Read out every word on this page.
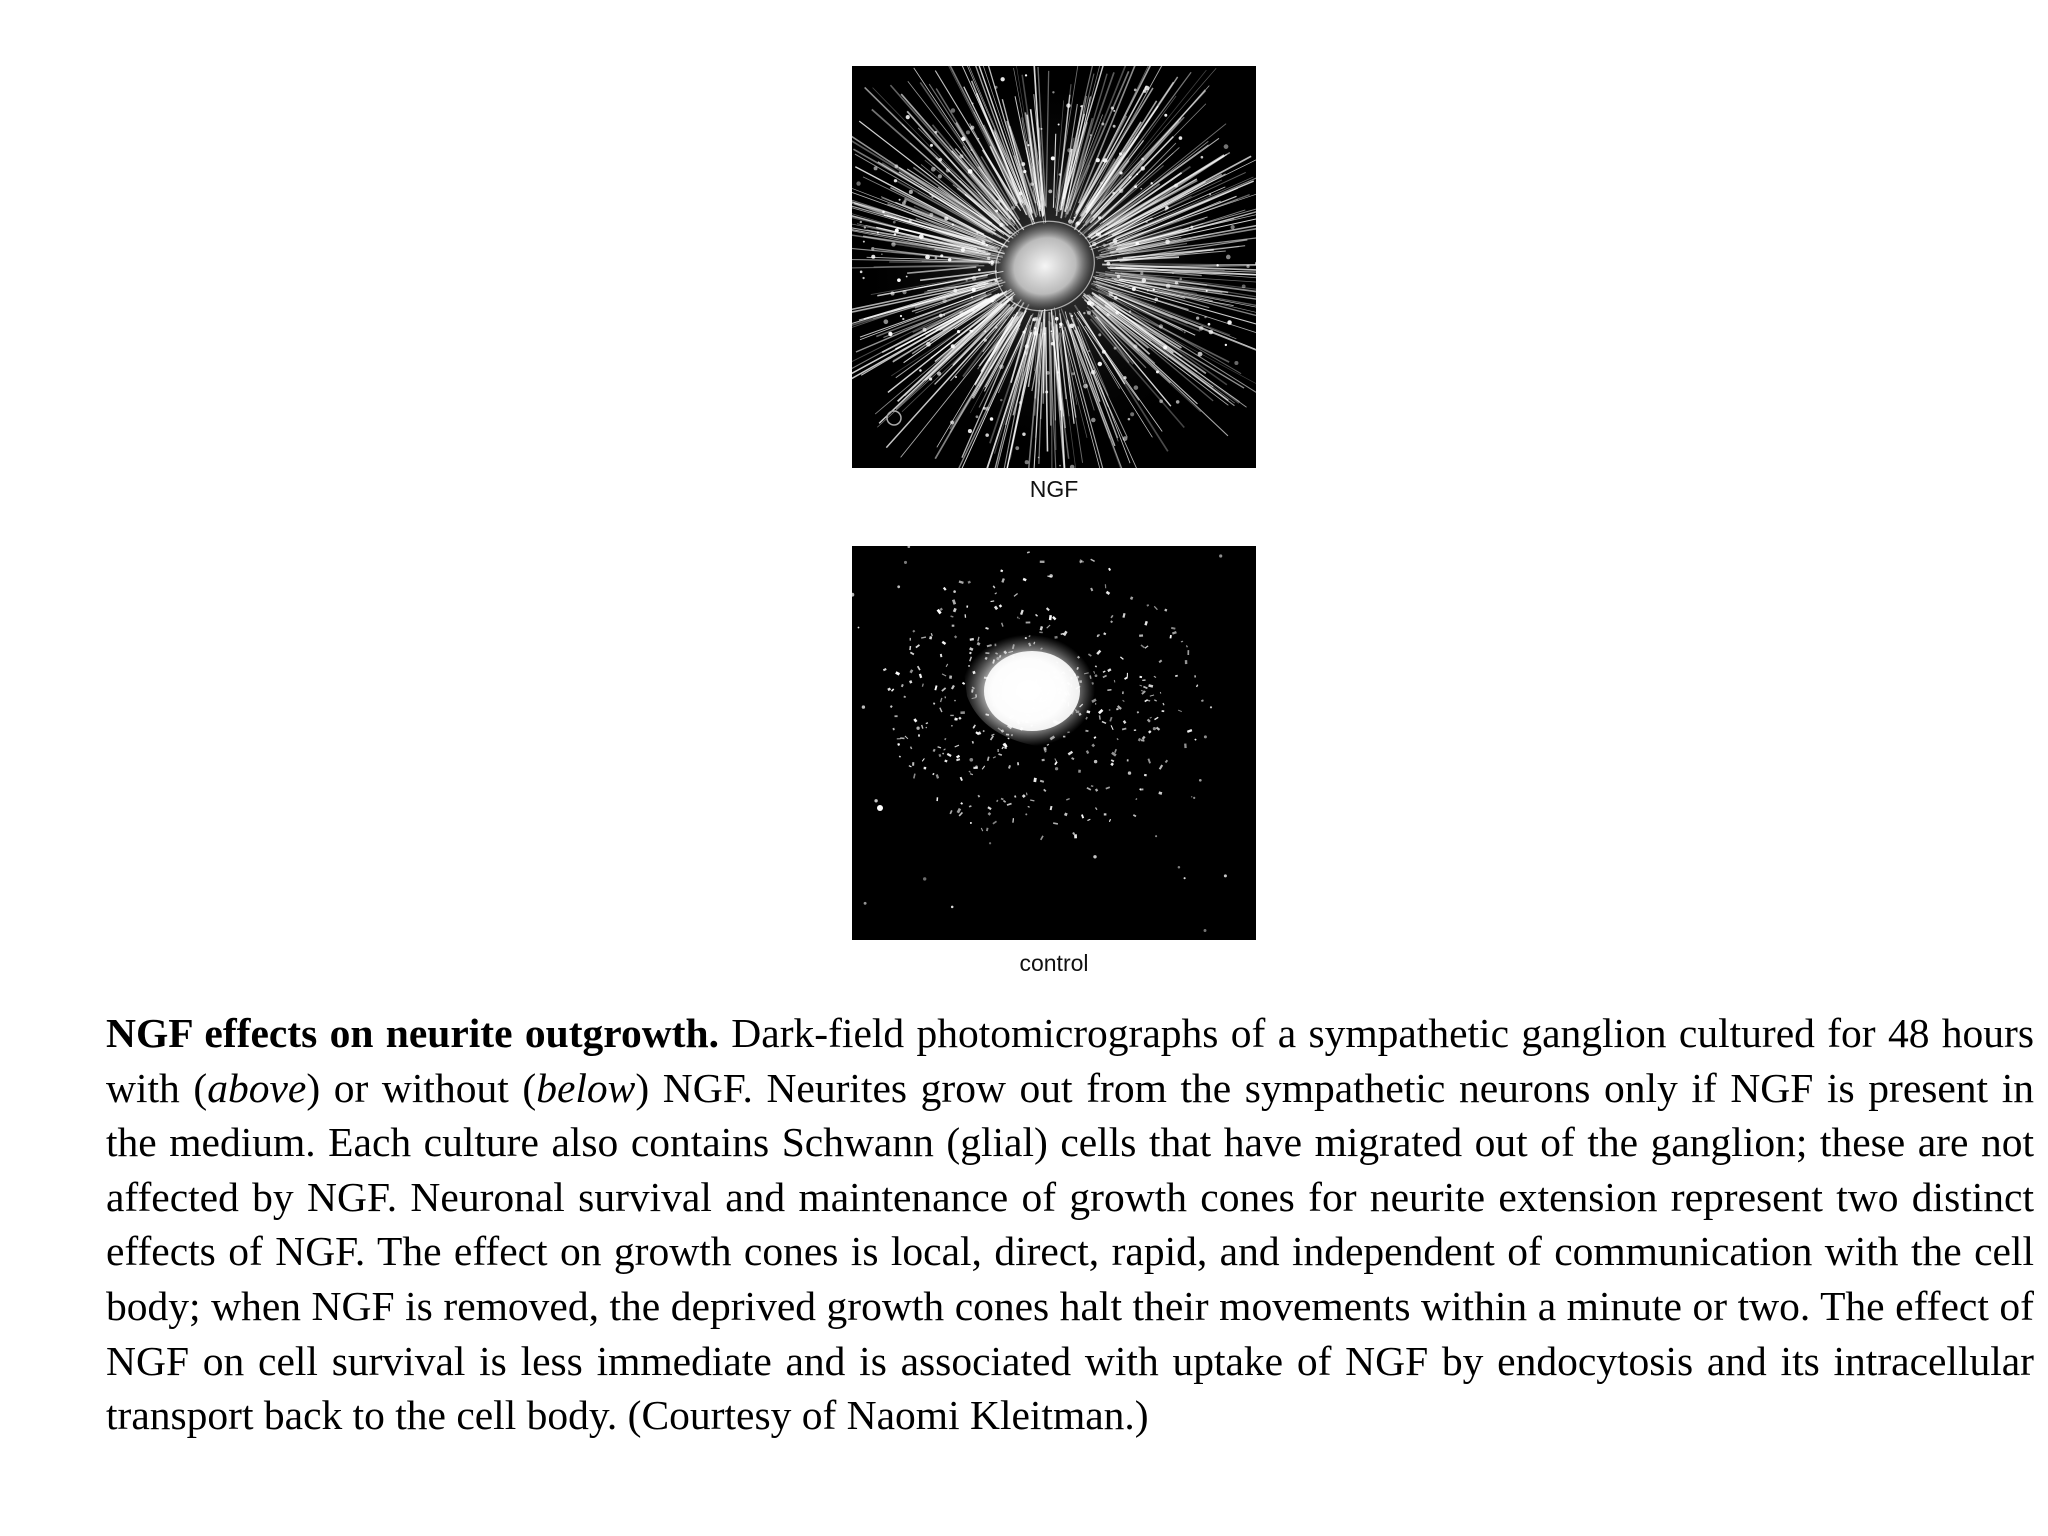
NGF
control

NGF effects on neurite outgrowth. Dark-field photomicrographs of a sympathetic ganglion cultured for 48 hours with (above) or without (below) NGF. Neurites grow out from the sympathetic neurons only if NGF is present in the medium. Each culture also contains Schwann (glial) cells that have migrated out of the ganglion; these are not affected by NGF. Neuronal survival and maintenance of growth cones for neurite extension represent two distinct effects of NGF. The effect on growth cones is local, direct, rapid, and independent of communication with the cell body; when NGF is removed, the deprived growth cones halt their movements within a minute or two. The effect of NGF on cell survival is less immediate and is associated with uptake of NGF by endocytosis and its intracellular transport back to the cell body. (Courtesy of Naomi Kleitman.)
